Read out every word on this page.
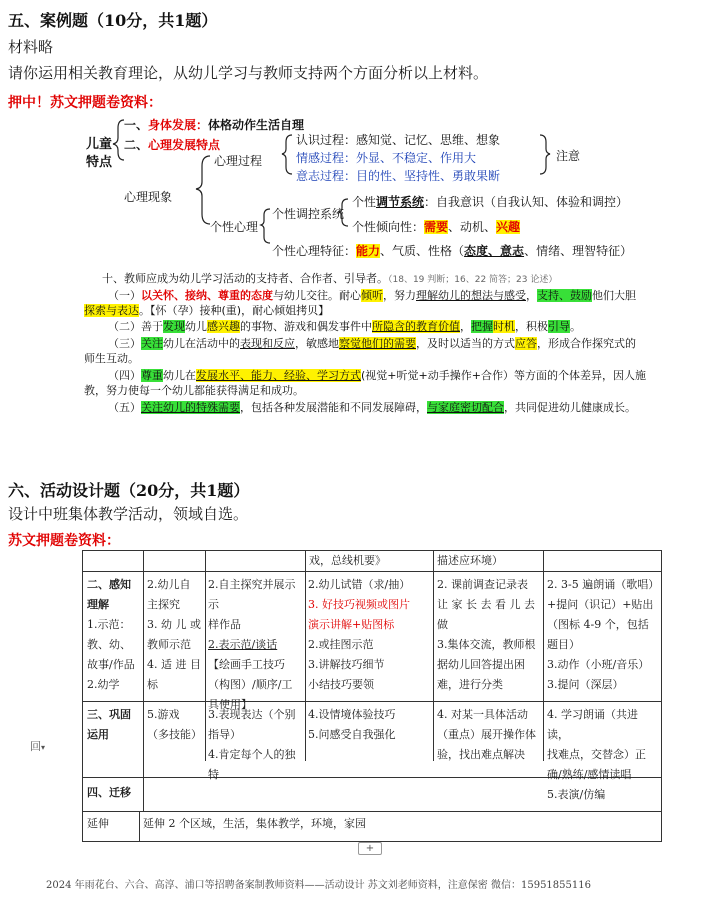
五、案例题（10分，共1题）
材料略
请你运用相关教育理论，从幼儿学习与教师支持两个方面分析以上材料。
押中！苏文押题卷资料：
儿童
特点
一、身体发展：体格动作生活自理
二、心理发展特点
心理过程
心理现象
认识过程：感知觉、记忆、思维、想象
情感过程：外显、不稳定、作用大
意志过程：目的性、坚持性、勇敢果断
注意
个性心理
个性调控系统
个性调节系统：自我意识（自我认知、体验和调控）
个性倾向性：需要、动机、兴趣
个性心理特征：能力、气质、性格（态度、意志、情绪、理智特征）
十、教师应成为幼儿学习活动的支持者、合作者、引导者。（18、19 判断；16、22 简答；23 论述）
（一）以关怀、接纳、尊重的态度与幼儿交往。耐心倾听，努力理解幼儿的想法与感受，支持、鼓励他们大胆
探索与表达。【怀（孕）接种(重)，耐心倾姐拷贝】
（二）善于发现幼儿感兴趣的事物、游戏和偶发事件中所隐含的教育价值，把握时机，积极引导。
（三）关注幼儿在活动中的表现和反应，敏感地察觉他们的需要，及时以适当的方式应答，形成合作探究式的
师生互动。
（四）尊重幼儿在发展水平、能力、经验、学习方式(视觉+听觉+动手操作+合作）等方面的个体差异，因人施
教，努力使每一个幼儿都能获得满足和成功。
（五）关注幼儿的特殊需要，包括各种发展潜能和不同发展障碍，与家庭密切配合，共同促进幼儿健康成长。
六、活动设计题（20分，共1题）
设计中班集体教学活动，领域自选。
苏文押题卷资料：
回▾
戏，总线机要》	描述应环境）
二、感知
理解
1.示范：
教、幼、
故事/作品
2.幼学
2.幼儿自
主探究
3. 幼 儿 或
教师示范
4. 适 进 目
标
2.自主探究并展示示
样作品
2.表示范/谈话
【绘画手工技巧
（构图）/顺序/工
具使用】
2.幼儿试错（求/抽）
3. 好技巧视频或图片
演示讲解+贴图标
2.或挂图示范
3.讲解技巧细节
小结技巧要领
2. 课前调查记录表
让 家 长 去 看 儿 去 做
3.集体交流，教师根
据幼儿回答提出困
难，进行分类
2. 3-5 遍朗诵（歌唱）
+提问（识记）+贴出
（图标 4-9 个，包括
题目）
3.动作（小班/音乐）
3.提问（深层）
三、巩固
运用
5.游戏
（多技能）
3.表现表达（个别
指导）
4.肯定每个人的独
特
4.设情境体验技巧
5.问感受自我强化
4. 对某一具体活动
（重点）展开操作体
验，找出难点解决
4. 学习朗诵（共进读，
找难点，交替念）正
确/熟练/感情读唱
5.表演/仿编
四、迁移
延伸	延伸 2 个区域，生活，集体教学，环境，家园
+
2024 年雨花台、六合、高淳、浦口等招聘备案制教师资料——活动设计 苏文刘老师资料，注意保密 微信：15951855116
